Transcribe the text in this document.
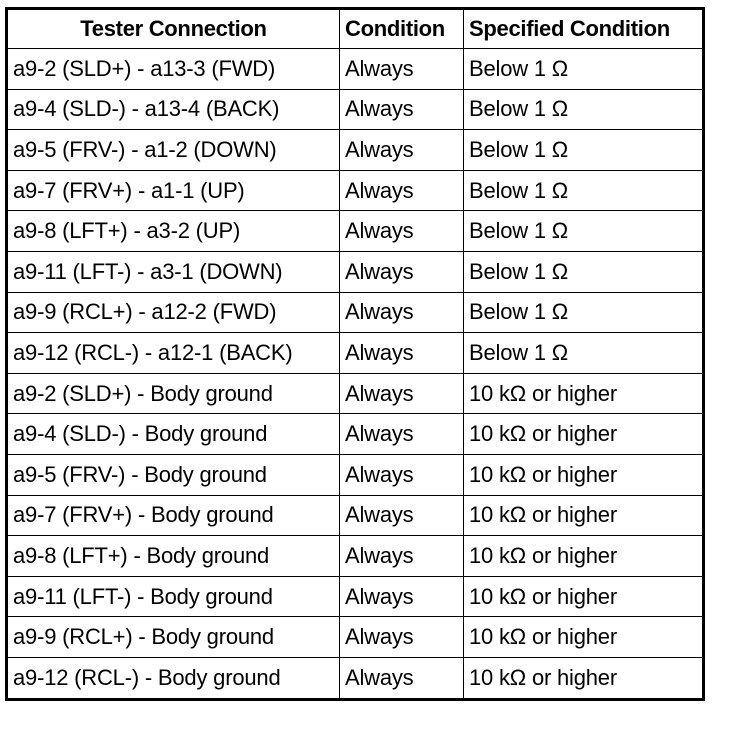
Tester Connection	Condition	Specified Condition
a9-2 (SLD+) - a13-3 (FWD)	Always	Below 1 Ω
a9-4 (SLD-) - a13-4 (BACK)	Always	Below 1 Ω
a9-5 (FRV-) - a1-2 (DOWN)	Always	Below 1 Ω
a9-7 (FRV+) - a1-1 (UP)	Always	Below 1 Ω
a9-8 (LFT+) - a3-2 (UP)	Always	Below 1 Ω
a9-11 (LFT-) - a3-1 (DOWN)	Always	Below 1 Ω
a9-9 (RCL+) - a12-2 (FWD)	Always	Below 1 Ω
a9-12 (RCL-) - a12-1 (BACK)	Always	Below 1 Ω
a9-2 (SLD+) - Body ground	Always	10 kΩ or higher
a9-4 (SLD-) - Body ground	Always	10 kΩ or higher
a9-5 (FRV-) - Body ground	Always	10 kΩ or higher
a9-7 (FRV+) - Body ground	Always	10 kΩ or higher
a9-8 (LFT+) - Body ground	Always	10 kΩ or higher
a9-11 (LFT-) - Body ground	Always	10 kΩ or higher
a9-9 (RCL+) - Body ground	Always	10 kΩ or higher
a9-12 (RCL-) - Body ground	Always	10 kΩ or higher
